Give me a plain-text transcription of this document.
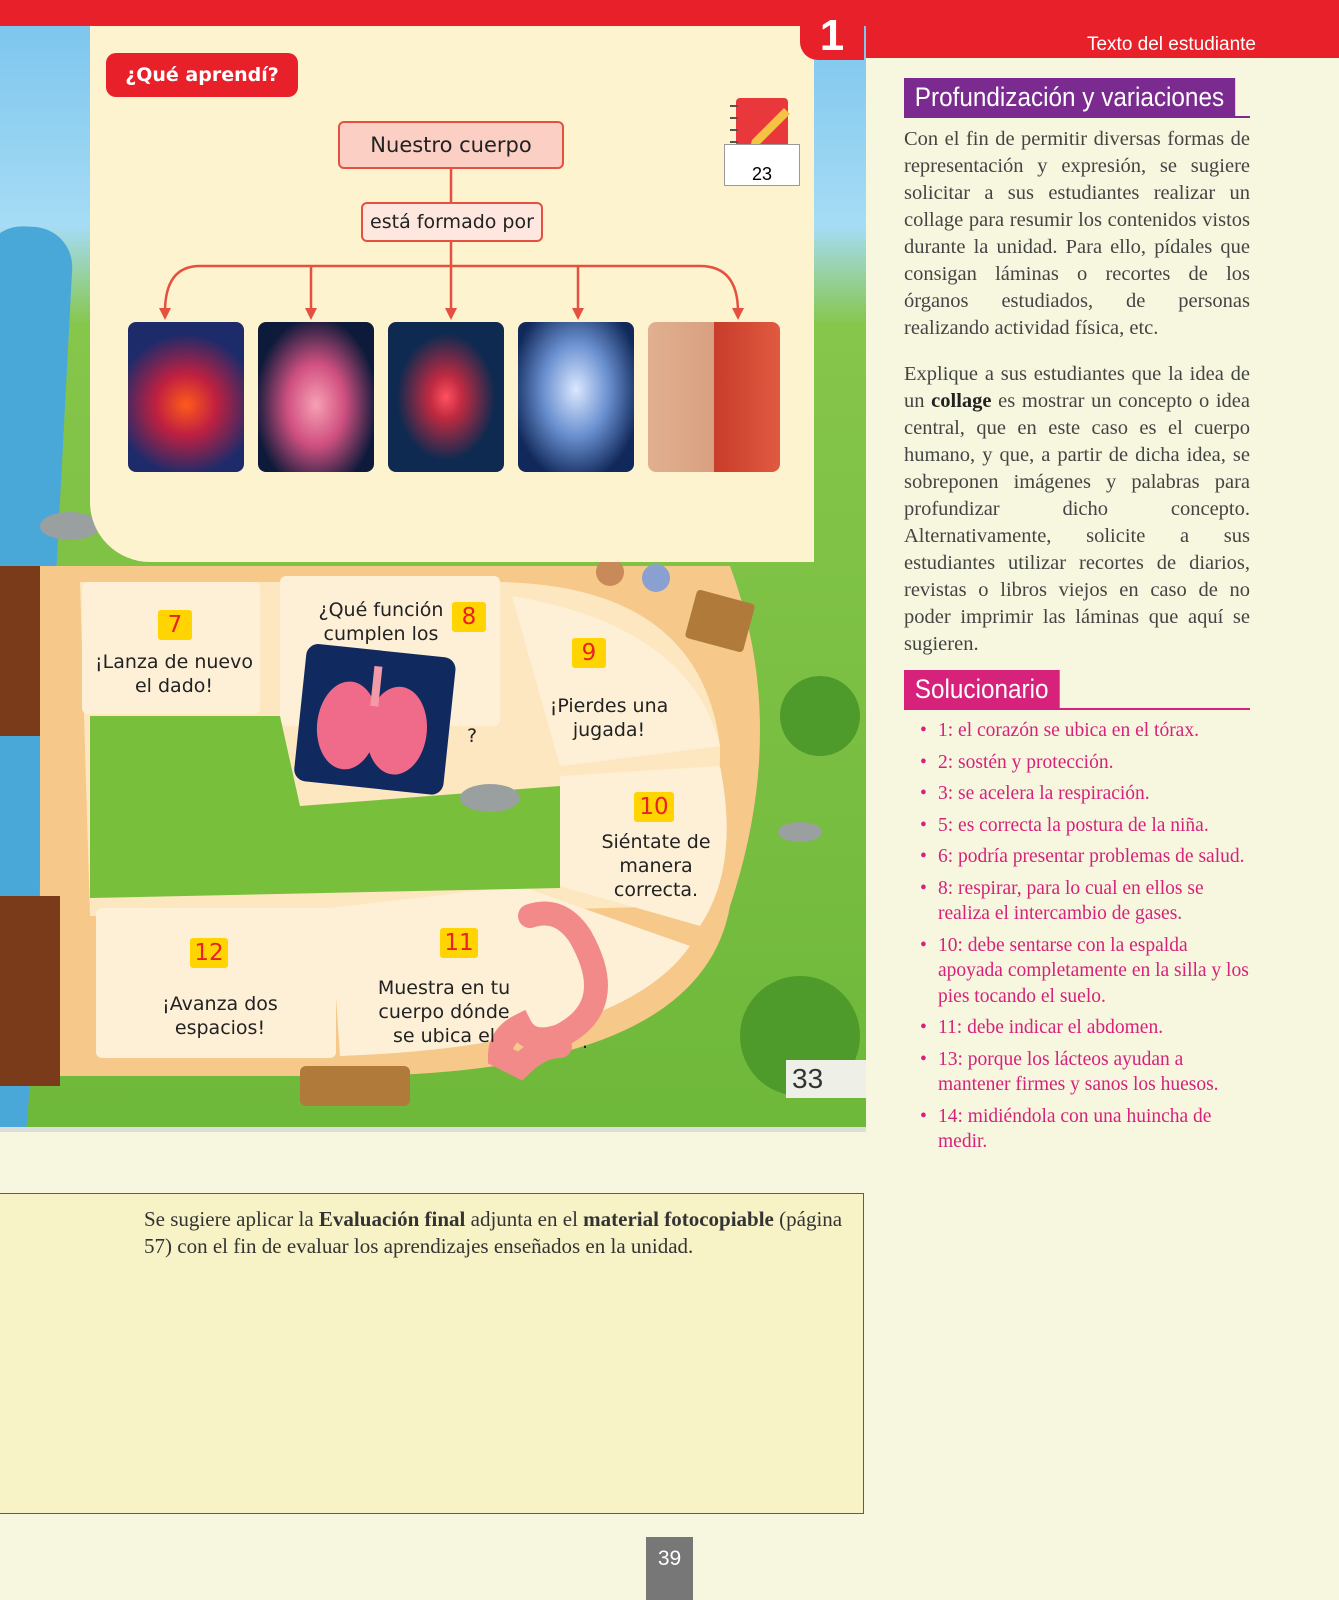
Texto del estudiante
¿Qué aprendí?
23
Nuestro cuerpo
está formado por
7
¡Lanza de nuevo el dado!
8
¿Qué función cumplen los
?
9
¡Pierdes una jugada!
10
Siéntate de manera correcta.
11
Muestra en tu cuerpo dónde se ubica el	.
12
¡Avanza dos espacios!
33
1
Profundización y variaciones

Con el fin de permitir diversas formas de representación y expresión, se sugiere solicitar a sus estudiantes realizar un collage para resumir los contenidos vistos durante la unidad. Para ello, pídales que consigan láminas o recortes de los órganos estudiados, de personas realizando actividad física, etc.

Explique a sus estudiantes que la idea de un collage es mostrar un concepto o idea central, que en este caso es el cuerpo humano, y que, a partir de dicha idea, se sobreponen imágenes y palabras para profundizar dicho concepto. Alternativamente, solicite a sus estudiantes utilizar recortes de diarios, revistas o libros viejos en caso de no poder imprimir las láminas que aquí se sugieren.

Solucionario
• 1: el corazón se ubica en el tórax.
• 2: sostén y protección.
• 3: se acelera la respiración.
• 5: es correcta la postura de la niña.
• 6: podría presentar problemas de salud.
• 8: respirar, para lo cual en ellos se realiza el intercambio de gases.
• 10: debe sentarse con la espalda apoyada completamente en la silla y los pies tocando el suelo.
• 11: debe indicar el abdomen.
• 13: porque los lácteos ayudan a mantener firmes y sanos los huesos.
• 14: midiéndola con una huincha de medir.

Se sugiere aplicar la Evaluación final adjunta en el material fotocopiable (página 57) con el fin de evaluar los aprendizajes enseñados en la unidad.

39
